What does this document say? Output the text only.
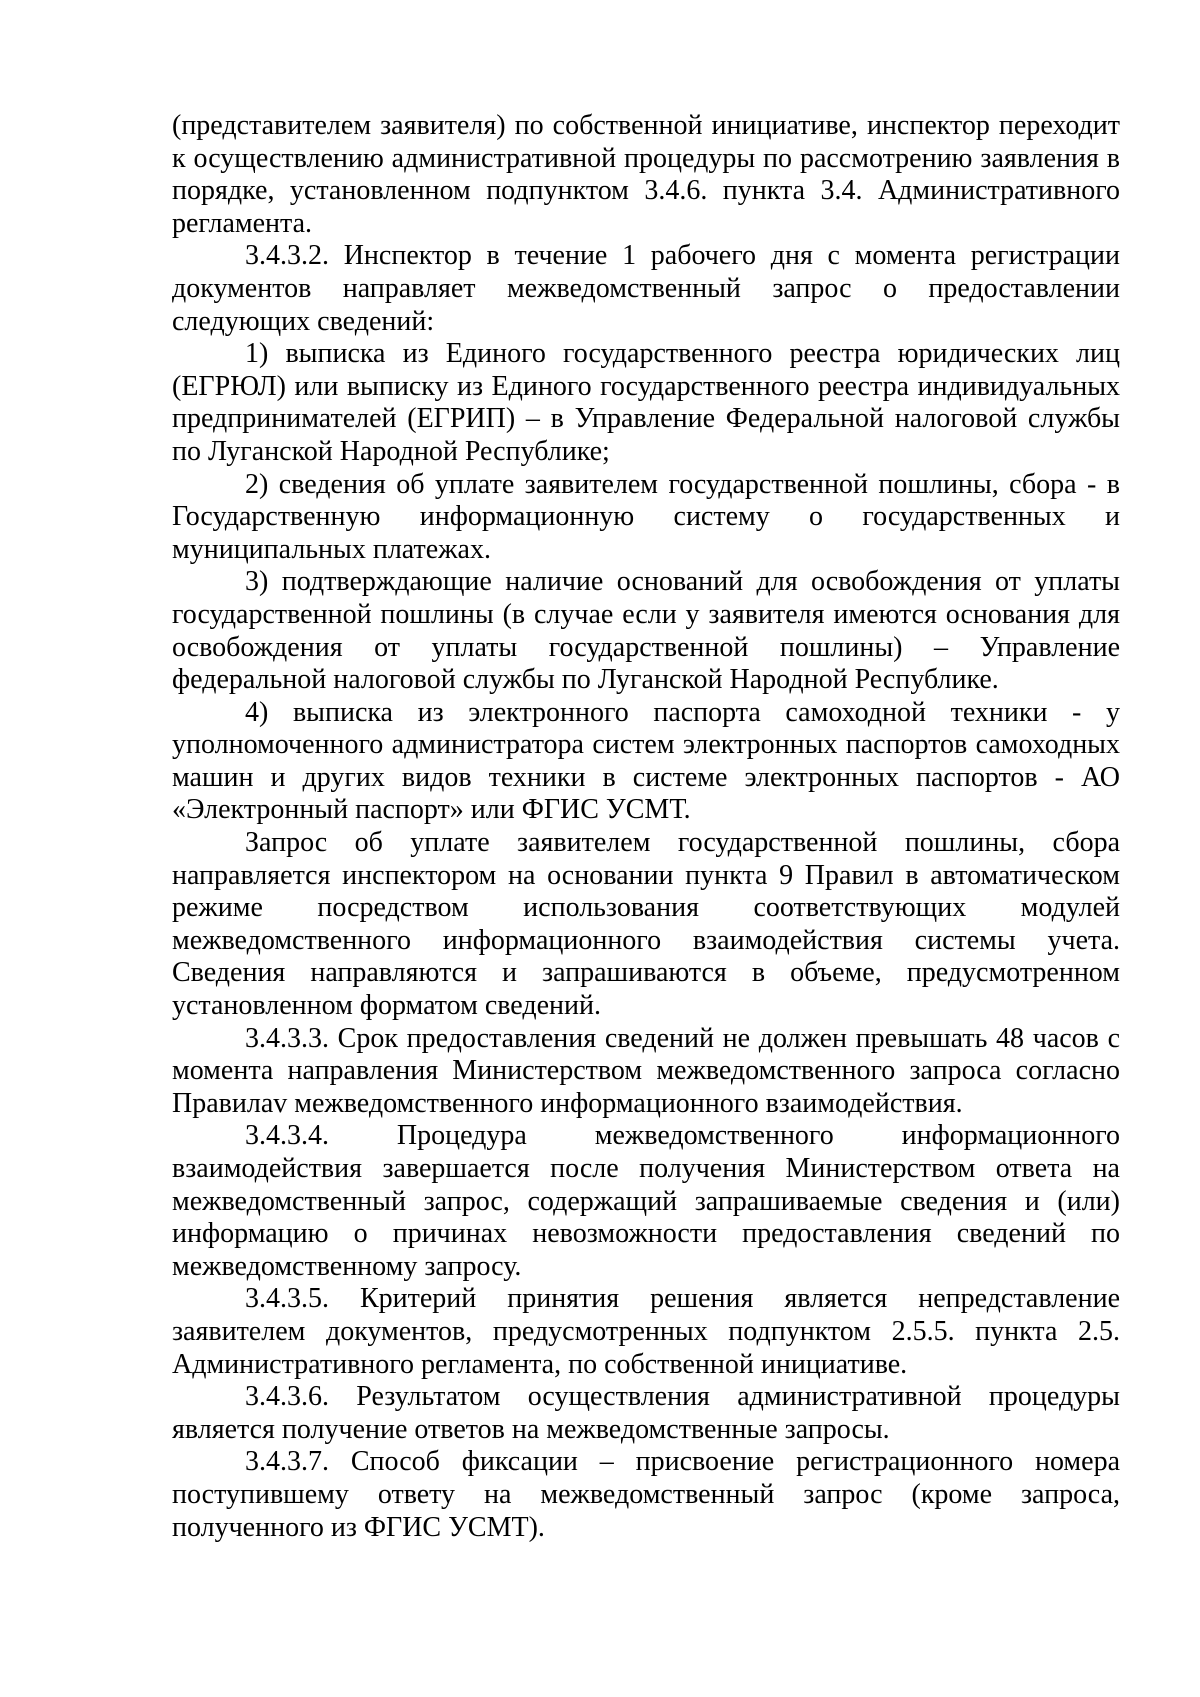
(представителем заявителя) по собственной инициативе, инспектор переходит к осуществлению административной процедуры по рассмотрению заявления в порядке, установленном подпунктом 3.4.6. пункта 3.4. Административного регламента.

3.4.3.2. Инспектор в течение 1 рабочего дня с момента регистрации документов направляет межведомственный запрос о предоставлении следующих сведений:

1) выписка из Единого государственного реестра юридических лиц (ЕГРЮЛ) или выписку из Единого государственного реестра индивидуальных предпринимателей (ЕГРИП) – в Управление Федеральной налоговой службы по Луганской Народной Республике;

2) сведения об уплате заявителем государственной пошлины, сбора - в Государственную информационную систему о государственных и муниципальных платежах.

3) подтверждающие наличие оснований для освобождения от уплаты государственной пошлины (в случае если у заявителя имеются основания для освобождения от уплаты государственной пошлины) – Управление федеральной налоговой службы по Луганской Народной Республике.

4) выписка из электронного паспорта самоходной техники - у уполномоченного администратора систем электронных паспортов самоходных машин и других видов техники в системе электронных паспортов - АО «Электронный паспорт» или ФГИС УСМТ.

Запрос об уплате заявителем государственной пошлины, сбора направляется инспектором на основании пункта 9 Правил в автоматическом режиме посредством использования соответствующих модулей межведомственного информационного взаимодействия системы учета. Сведения направляются и запрашиваются в объеме, предусмотренном установленном форматом сведений.

3.4.3.3. Срок предоставления сведений не должен превышать 48 часов с момента направления Министерством межведомственного запроса согласно Правилаv межведомственного информационного взаимодействия.

3.4.3.4. Процедура межведомственного информационного взаимодействия завершается после получения Министерством ответа на межведомственный запрос, содержащий запрашиваемые сведения и (или) информацию о причинах невозможности предоставления сведений по межведомственному запросу.

3.4.3.5. Критерий принятия решения является непредставление заявителем документов, предусмотренных подпунктом 2.5.5. пункта 2.5. Административного регламента, по собственной инициативе.

3.4.3.6. Результатом осуществления административной процедуры является получение ответов на межведомственные запросы.

3.4.3.7. Способ фиксации – присвоение регистрационного номера поступившему ответу на межведомственный запрос (кроме запроса, полученного из ФГИС УСМТ).
